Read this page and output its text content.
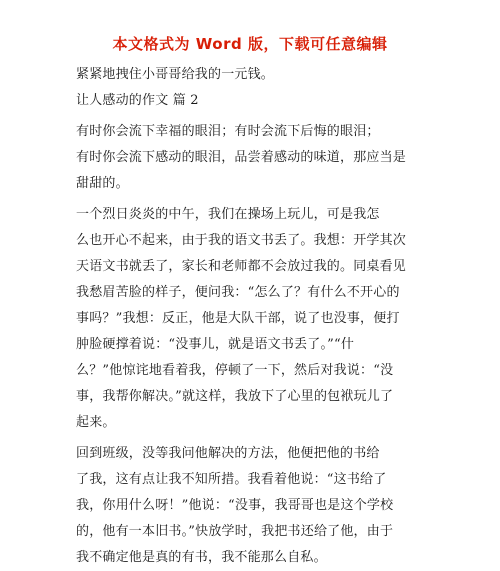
本文格式为 Word 版，下载可任意编辑
紧紧地拽住小哥哥给我的一元钱。
让人感动的作文 篇 2
有时你会流下幸福的眼泪；有时会流下后悔的眼泪；
有时你会流下感动的眼泪，品尝着感动的味道，那应当是
甜甜的。
一个烈日炎炎的中午，我们在操场上玩儿，可是我怎
么也开心不起来，由于我的语文书丢了。我想：开学其次
天语文书就丢了，家长和老师都不会放过我的。同桌看见
我愁眉苦脸的样子，便问我：“怎么了？有什么不开心的
事吗？”我想：反正，他是大队干部，说了也没事，便打
肿脸硬撑着说：“没事儿，就是语文书丢了。”“什
么？”他惊诧地看着我，停顿了一下，然后对我说：“没
事，我帮你解决。”就这样，我放下了心里的包袱玩儿了
起来。
回到班级，没等我问他解决的方法，他便把他的书给
了我，这有点让我不知所措。我看着他说：“这书给了
我，你用什么呀！”他说：“没事，我哥哥也是这个学校
的，他有一本旧书。”快放学时，我把书还给了他，由于
我不确定他是真的有书，我不能那么自私。
